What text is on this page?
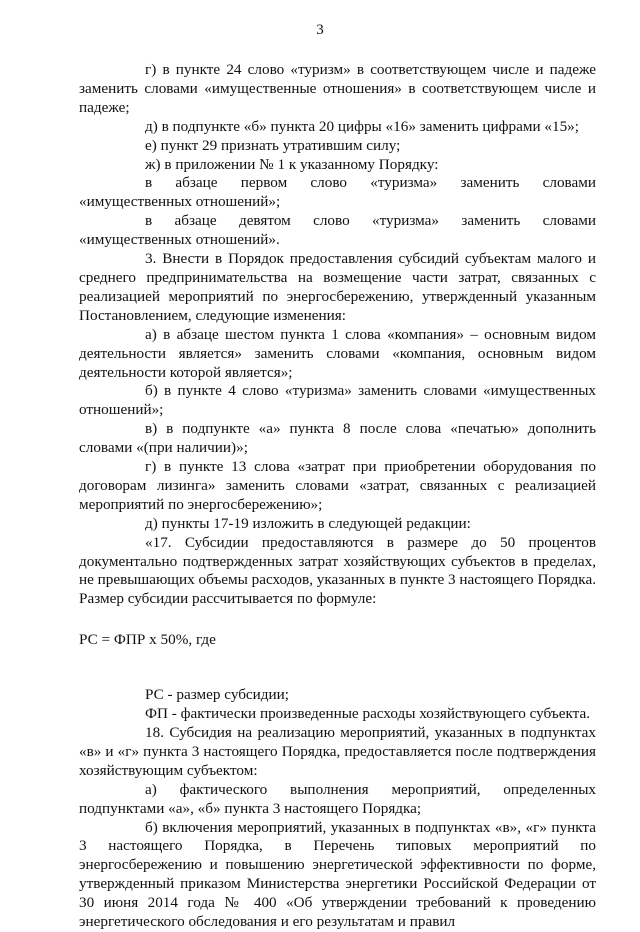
3

г) в пункте 24 слово «туризм» в соответствующем числе и падеже заменить словами «имущественные отношения» в соответствующем числе и падеже;

д) в подпункте «б» пункта 20 цифры «16» заменить цифрами «15»;

е) пункт 29 признать утратившим силу;

ж) в приложении № 1 к указанному Порядку:

в абзаце первом слово «туризма» заменить словами «имущественных отношений»;

в абзаце девятом слово «туризма» заменить словами «имущественных отношений».

3. Внести в Порядок предоставления субсидий субъектам малого и среднего предпринимательства на возмещение части затрат, связанных с реализацией мероприятий по энергосбережению, утвержденный указанным Постановлением, следующие изменения:

а) в абзаце шестом пункта 1 слова «компания» – основным видом деятельности является» заменить словами «компания, основным видом деятельности которой является»;

б) в пункте 4 слово «туризма» заменить словами «имущественных отношений»;

в) в подпункте «а» пункта 8 после слова «печатью» дополнить словами «(при наличии)»;

г) в пункте 13 слова «затрат при приобретении оборудования по договорам лизинга» заменить словами «затрат, связанных с реализацией мероприятий по энергосбережению»;

д) пункты 17-19 изложить в следующей редакции:

«17. Субсидии предоставляются в размере до 50 процентов документально подтвержденных затрат хозяйствующих субъектов в пределах, не превышающих объемы расходов, указанных в пункте 3 настоящего Порядка. Размер субсидии рассчитывается по формуле:

РС = ФПР х 50%, где

РС - размер субсидии;

ФП - фактически произведенные расходы хозяйствующего субъекта.

18. Субсидия на реализацию мероприятий, указанных в подпунктах «в» и «г» пункта 3 настоящего Порядка, предоставляется после подтверждения хозяйствующим субъектом:

а) фактического выполнения мероприятий, определенных подпунктами «а», «б» пункта 3 настоящего Порядка;

б) включения мероприятий, указанных в подпунктах «в», «г» пункта 3 настоящего Порядка, в Перечень типовых мероприятий по энергосбережению и повышению энергетической эффективности по форме, утвержденный приказом Министерства энергетики Российской Федерации от 30 июня 2014 года № 400 «Об утверждении требований к проведению энергетического обследования и его результатам и правил
